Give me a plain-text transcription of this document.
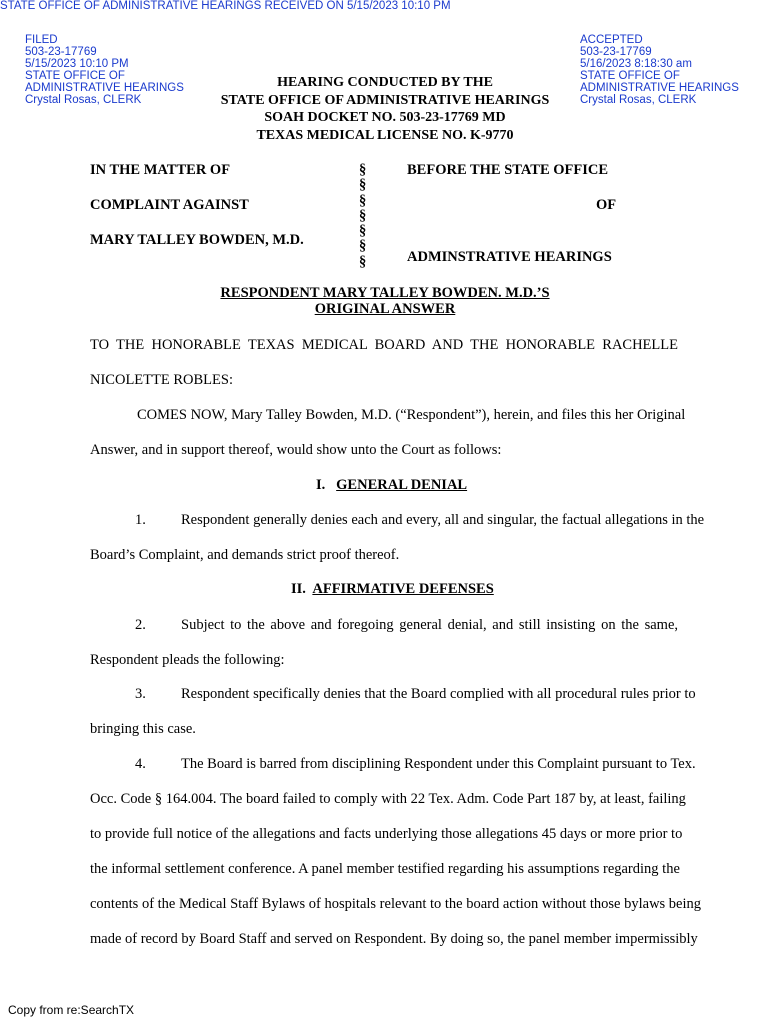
STATE OFFICE OF ADMINISTRATIVE HEARINGS RECEIVED ON 5/15/2023 10:10 PM
FILED
503-23-17769
5/15/2023 10:10 PM
STATE OFFICE OF
ADMINISTRATIVE HEARINGS
Crystal Rosas, CLERK
ACCEPTED
503-23-17769
5/16/2023 8:18:30 am
STATE OFFICE OF
ADMINISTRATIVE HEARINGS
Crystal Rosas, CLERK
HEARING CONDUCTED BY THE
STATE OFFICE OF ADMINISTRATIVE HEARINGS
SOAH DOCKET NO. 503-23-17769 MD
TEXAS MEDICAL LICENSE NO. K-9770
IN THE MATTER OF
COMPLAINT AGAINST
MARY TALLEY BOWDEN, M.D.
§
§
§
§
§
§
§
BEFORE THE STATE OFFICE
OF
ADMINSTRATIVE HEARINGS
RESPONDENT MARY TALLEY BOWDEN. M.D.’S
ORIGINAL ANSWER
TO THE HONORABLE TEXAS MEDICAL BOARD AND THE HONORABLE RACHELLE
NICOLETTE ROBLES:
COMES NOW, Mary Talley Bowden, M.D. (“Respondent”), herein, and files this her Original
Answer, and in support thereof, would show unto the Court as follows:
I. GENERAL DENIAL
1. Respondent generally denies each and every, all and singular, the factual allegations in the
Board’s Complaint, and demands strict proof thereof.
II. AFFIRMATIVE DEFENSES
2. Subject to the above and foregoing general denial, and still insisting on the same,
Respondent pleads the following:
3. Respondent specifically denies that the Board complied with all procedural rules prior to
bringing this case.
4. The Board is barred from disciplining Respondent under this Complaint pursuant to Tex.
Occ. Code § 164.004. The board failed to comply with 22 Tex. Adm. Code Part 187 by, at least, failing
to provide full notice of the allegations and facts underlying those allegations 45 days or more prior to
the informal settlement conference. A panel member testified regarding his assumptions regarding the
contents of the Medical Staff Bylaws of hospitals relevant to the board action without those bylaws being
made of record by Board Staff and served on Respondent. By doing so, the panel member impermissibly
Copy from re:SearchTX
